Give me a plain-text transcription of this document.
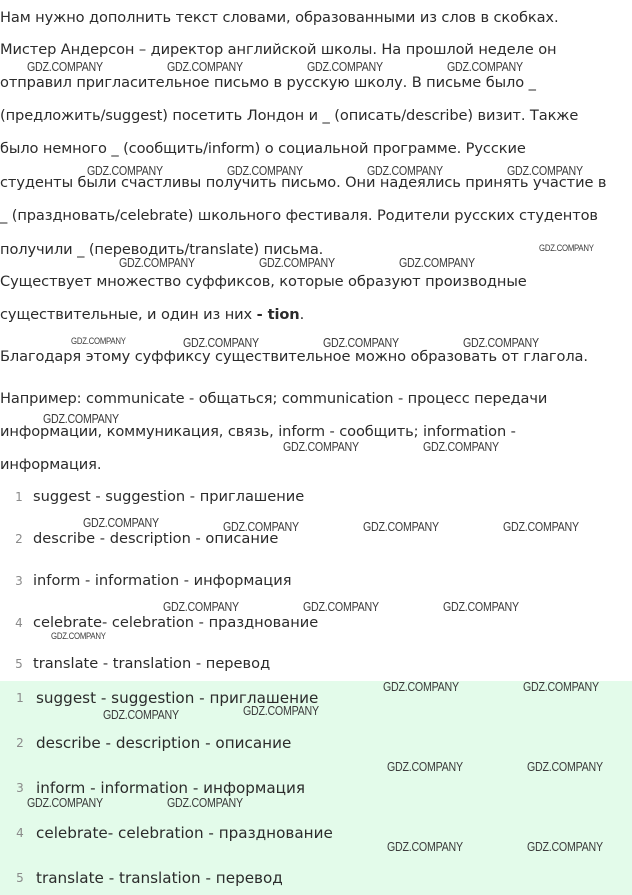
Нам нужно дополнить текст словами, образованными из слов в скобках.
Мистер Андерсон – директор английской школы. На прошлой неделе он
отправил пригласительное письмо в русскую школу. В письме было _
(предложить/suggest) посетить Лондон и _ (описать/describe) визит. Также
было немного _ (сообщить/inform) о социальной программе. Русские
студенты были счастливы получить письмо. Они надеялись принять участие в
_ (праздновать/celebrate) школьного фестиваля. Родители русских студентов
получили _ (переводить/translate) письма.
Существует множество суффиксов, которые образуют производные
существительные, и один из них - tion.
Благодаря этому суффиксу существительное можно образовать от глагола.
Например: communicate - общаться; communication - процесс передачи
информации, коммуникация, связь, inform - сообщить; information -
информация.
1 suggest - suggestion - приглашение
2 describe - description - описание
3 inform - information - информация
4 celebrate- celebration - празднование
5 translate - translation - перевод
1 suggest - suggestion - приглашение
2 describe - description - описание
3 inform - information - информация
4 celebrate- celebration - празднование
5 translate - translation - перевод
GDZ.COMPANY	GDZ.COMPANY	GDZ.COMPANY	GDZ.COMPANY
GDZ.COMPANY	GDZ.COMPANY	GDZ.COMPANY	GDZ.COMPANY
GDZ.COMPANY
GDZ.COMPANY	GDZ.COMPANY	GDZ.COMPANY
GDZ.COMPANY	GDZ.COMPANY	GDZ.COMPANY	GDZ.COMPANY
GDZ.COMPANY
GDZ.COMPANY	GDZ.COMPANY
GDZ.COMPANY	GDZ.COMPANY	GDZ.COMPANY	GDZ.COMPANY
GDZ.COMPANY	GDZ.COMPANY	GDZ.COMPANY
GDZ.COMPANY
GDZ.COMPANY	GDZ.COMPANY
GDZ.COMPANY	GDZ.COMPANY
GDZ.COMPANY	GDZ.COMPANY
GDZ.COMPANY	GDZ.COMPANY
GDZ.COMPANY	GDZ.COMPANY
